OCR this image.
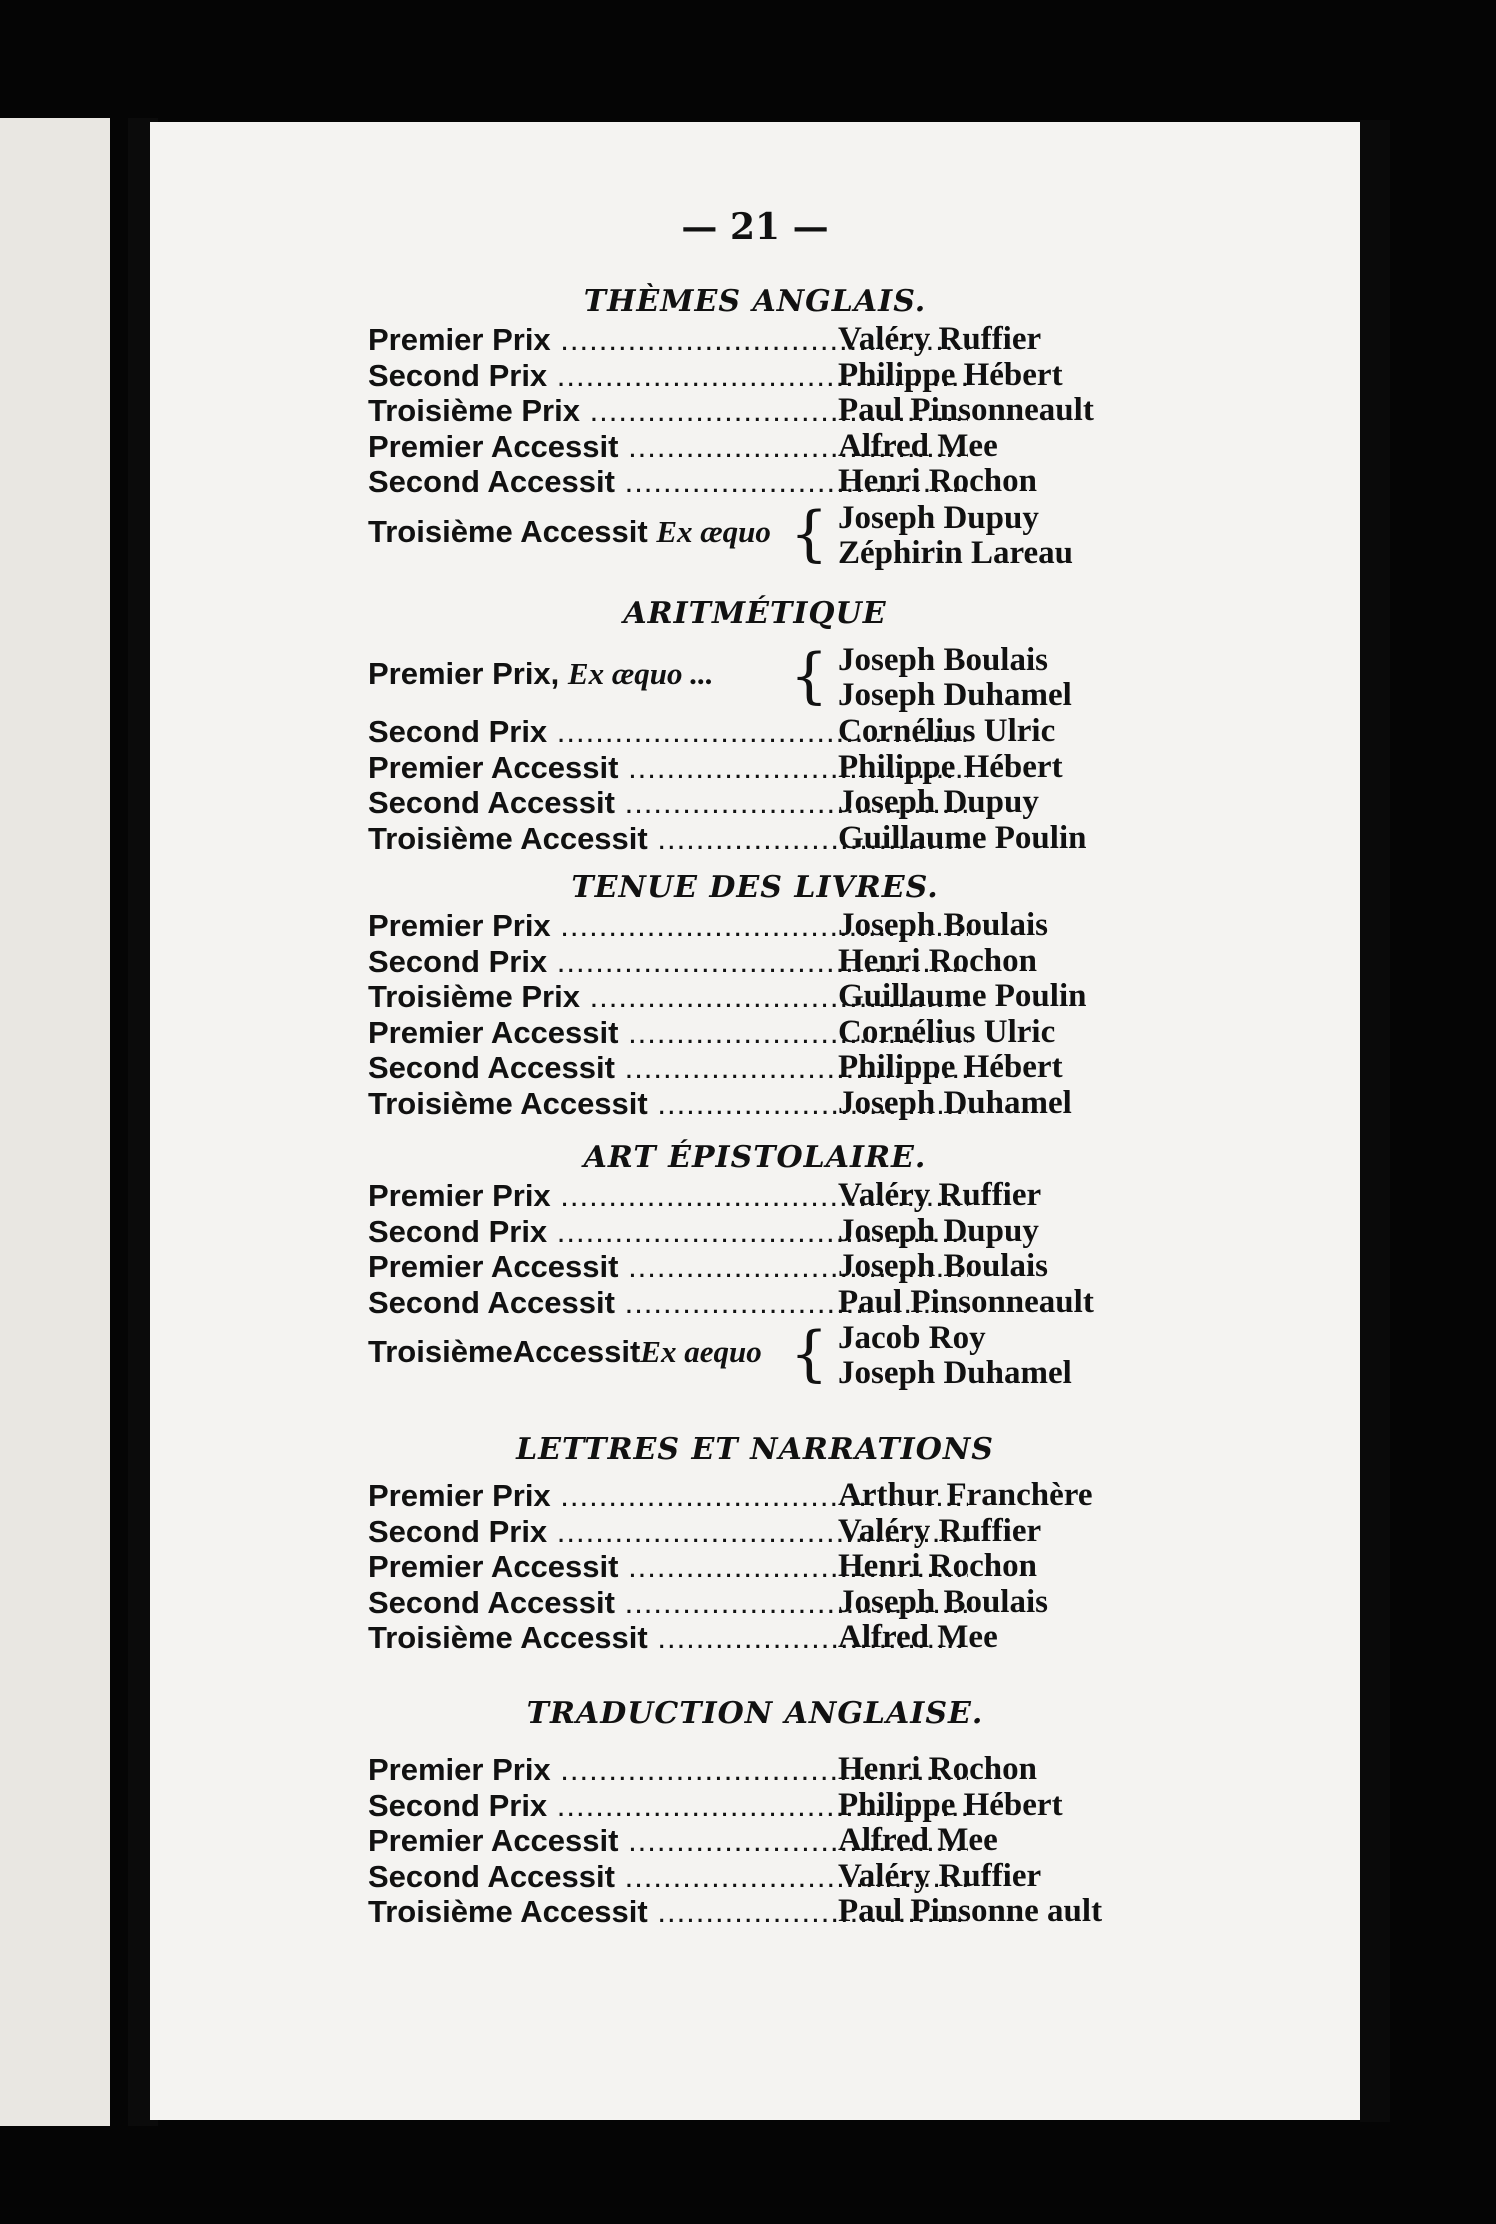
— 21 —
THÈMES ANGLAIS.
Premier Prix .....	Valéry Ruffier
Second Prix .....	Philippe Hébert
Troisième Prix .....	Paul Pinsonneault
Premier Accessit .....	Alfred Mee
Second Accessit .....	Henri Rochon
Troisième Accessit Ex æquo { Joseph Dupuy
Zéphirin Lareau
ARITMÉTIQUE
Premier Prix, Ex æquo ... { Joseph Boulais
Joseph Duhamel
Second Prix .....	Cornélius Ulric
Premier Accessit .....	Philippe Hébert
Second Accessit .....	Joseph Dupuy
Troisième Accessit .....	Guillaume Poulin
TENUE DES LIVRES.
Premier Prix .....	Joseph Boulais
Second Prix .....	Henri Rochon
Troisième Prix .....	Guillaume Poulin
Premier Accessit .....	Cornélius Ulric
Second Accessit .....	Philippe Hébert
Troisième Accessit .....	Joseph Duhamel
ART ÉPISTOLAIRE.
Premier Prix .....	Valéry Ruffier
Second Prix .....	Joseph Dupuy
Premier Accessit .....	Joseph Boulais
Second Accessit .....	Paul Pinsonneault
TroisièmeAccessitEx aequo { Jacob Roy
Joseph Duhamel
LETTRES ET NARRATIONS
Premier Prix .....	Arthur Franchère
Second Prix .....	Valéry Ruffier
Premier Accessit .....	Henri Rochon
Second Accessit .....	Joseph Boulais
Troisième Accessit .....	Alfred Mee
TRADUCTION ANGLAISE.
Premier Prix .....	Henri Rochon
Second Prix .....	Philippe Hébert
Premier Accessit .....	Alfred Mee
Second Accessit .....	Valéry Ruffier
Troisième Accessit .....	Paul Pinsonne ault
